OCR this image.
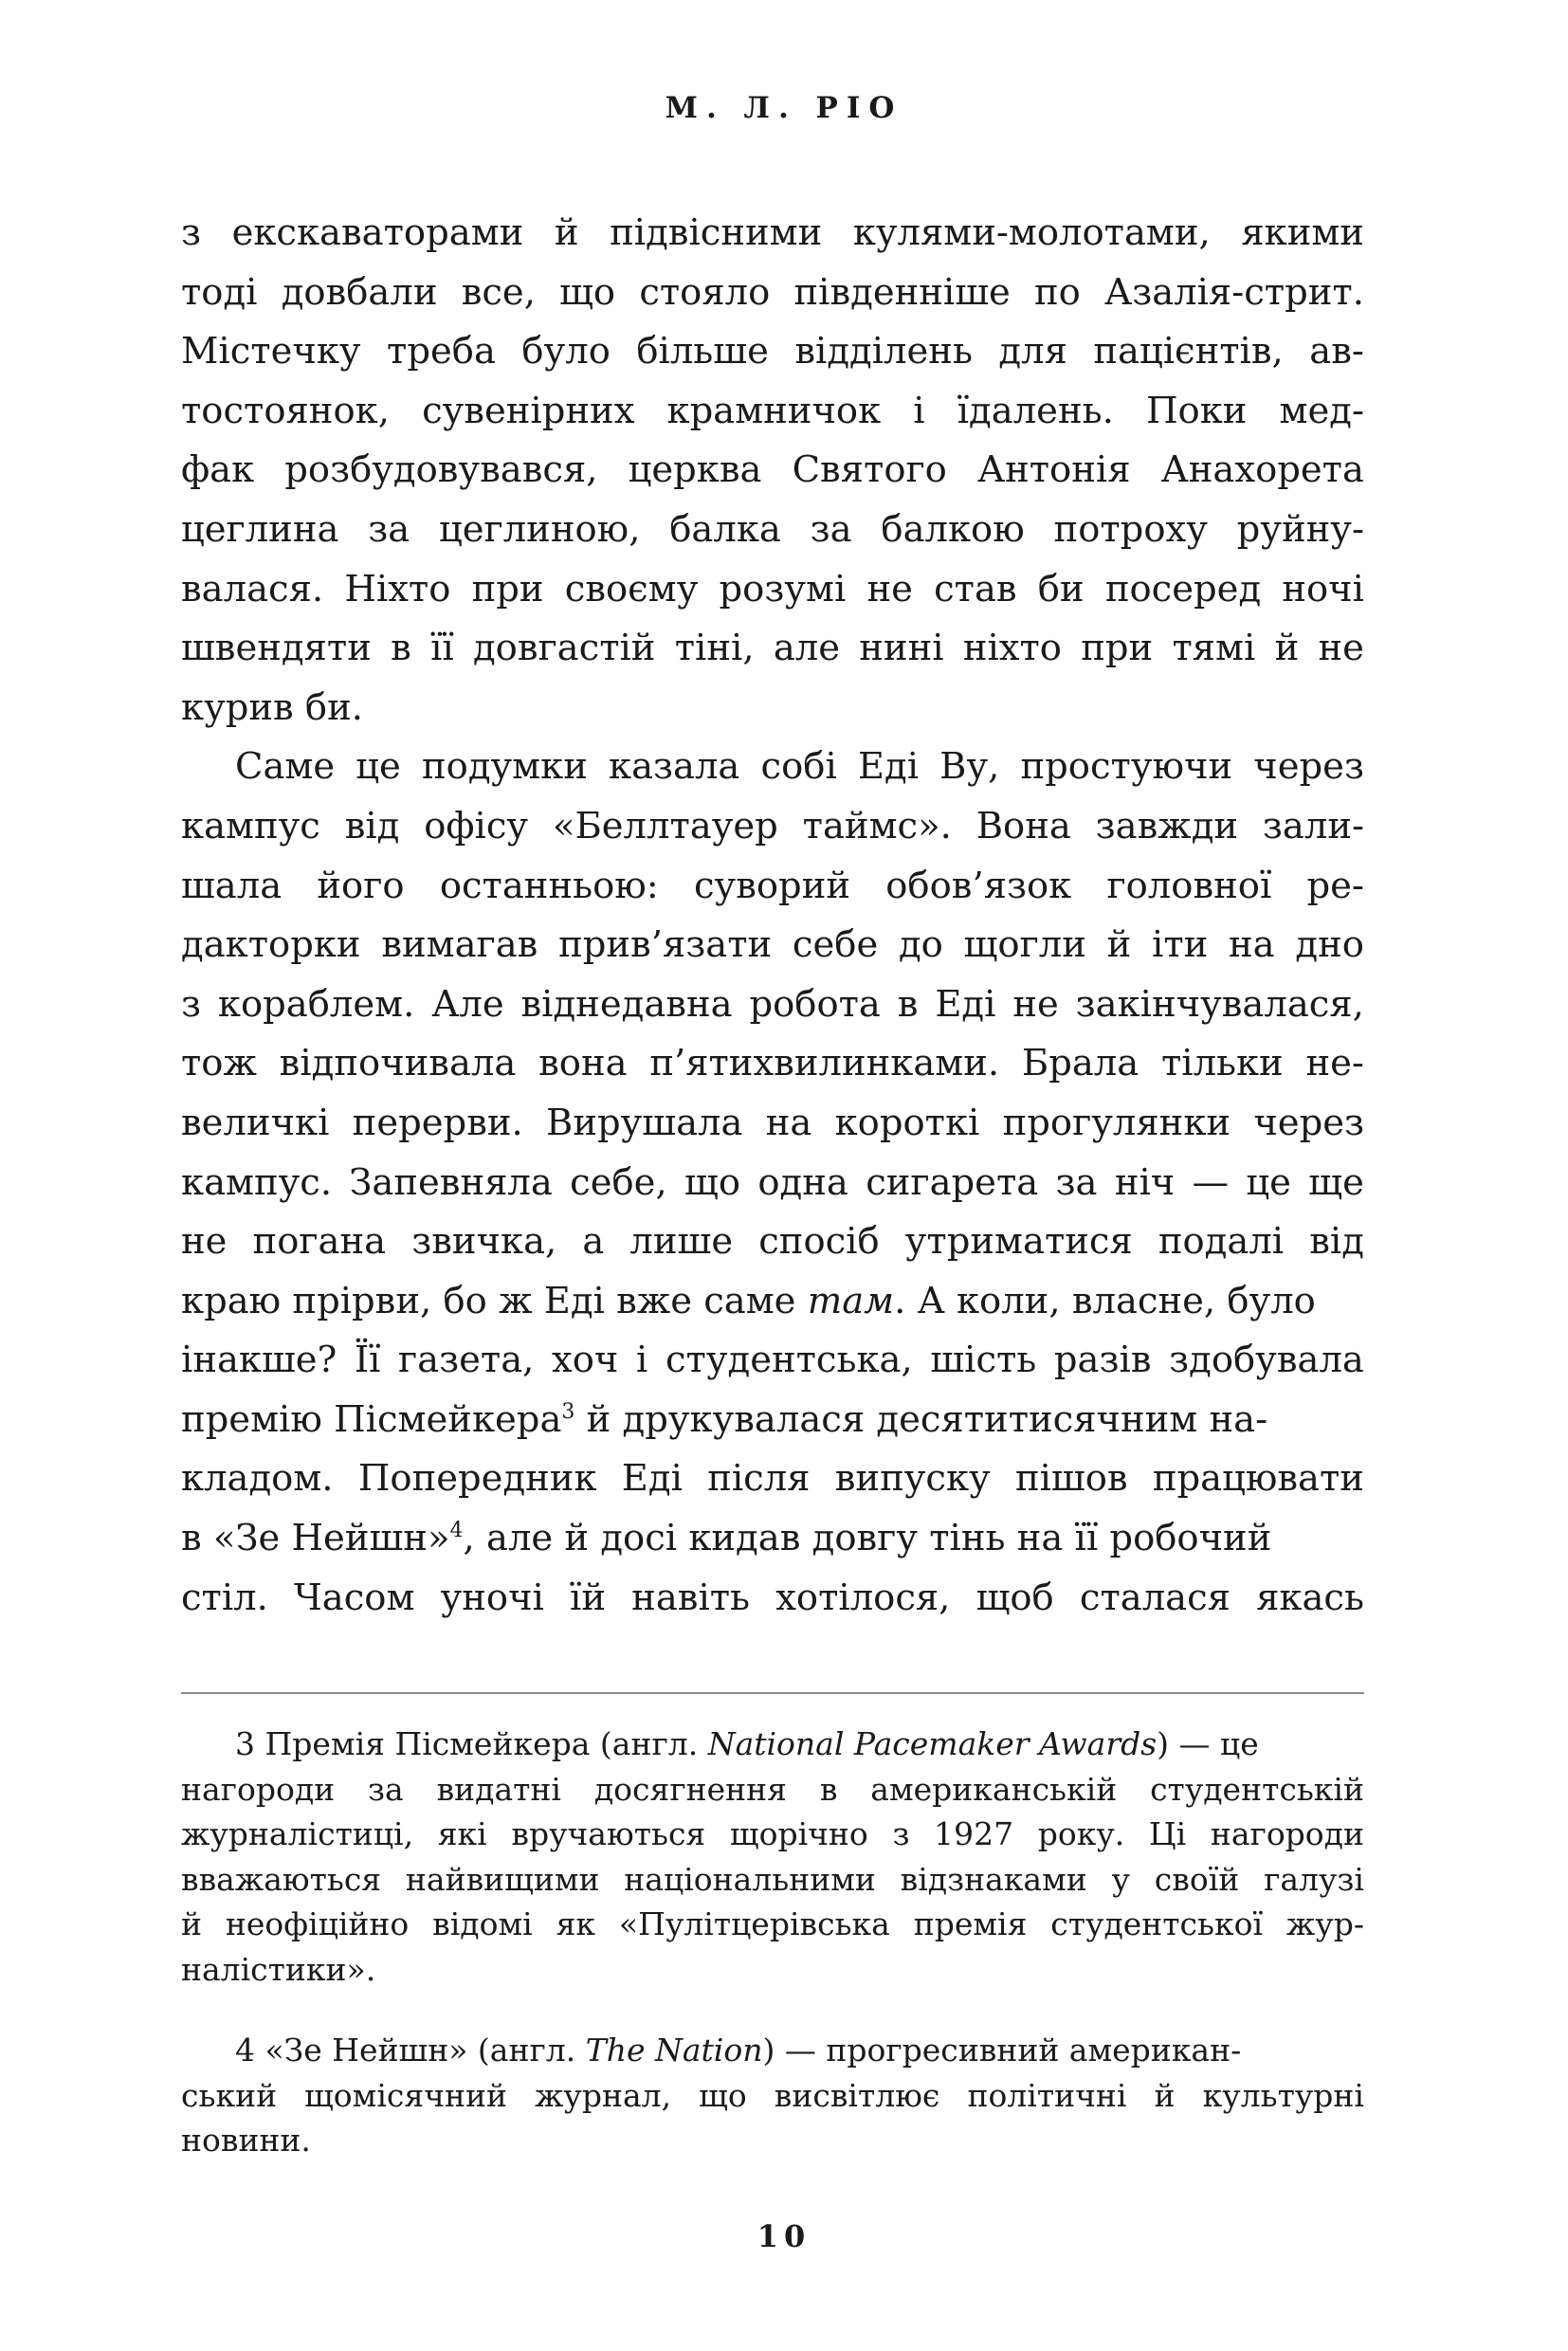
М. Л. РІО
з екскаваторами й підвісними кулями-молотами, якими
тоді довбали все, що стояло південніше по Азалія-стрит.
Містечку треба було більше відділень для пацієнтів, ав-
тостоянок, сувенірних крамничок і їдалень. Поки мед-
фак розбудовувався, церква Святого Антонія Анахорета
цеглина за цеглиною, балка за балкою потроху руйну-
валася. Ніхто при своєму розумі не став би посеред ночі
швендяти в її довгастій тіні, але нині ніхто при тямі й не
курив би.
Саме це подумки казала собі Еді Ву, простуючи через
кампус від офісу «Беллтауер таймс». Вона завжди зали-
шала його останньою: суворий обов’язок головної ре-
дакторки вимагав прив’язати себе до щогли й іти на дно
з кораблем. Але віднедавна робота в Еді не закінчувалася,
тож відпочивала вона п’ятихвилинками. Брала тільки не-
величкі перерви. Вирушала на короткі прогулянки через
кампус. Запевняла себе, що одна сигарета за ніч — це ще
не погана звичка, а лише спосіб утриматися подалі від
краю прірви, бо ж Еді вже саме там. А коли, власне, було
інакше? Її газета, хоч і студентська, шість разів здобувала
премію Пісмейкера$^3$ й друкувалася десятитисячним на-
кладом. Попередник Еді після випуску пішов працювати
в «Зе Нейшн»$^4$, але й досі кидав довгу тінь на її робочий
стіл. Часом уночі їй навіть хотілося, щоб сталася якась
3 Премія Пісмейкера (англ. National Pacemaker Awards) — це
нагороди за видатні досягнення в американській студентській
журналістиці, які вручаються щорічно з 1927 року. Ці нагороди
вважаються найвищими національними відзнаками у своїй галузі
й неофіційно відомі як «Пулітцерівська премія студентської жур-
налістики».
4 «Зе Нейшн» (англ. The Nation) — прогресивний американ-
ський щомісячний журнал, що висвітлює політичні й культурні
новини.
10
